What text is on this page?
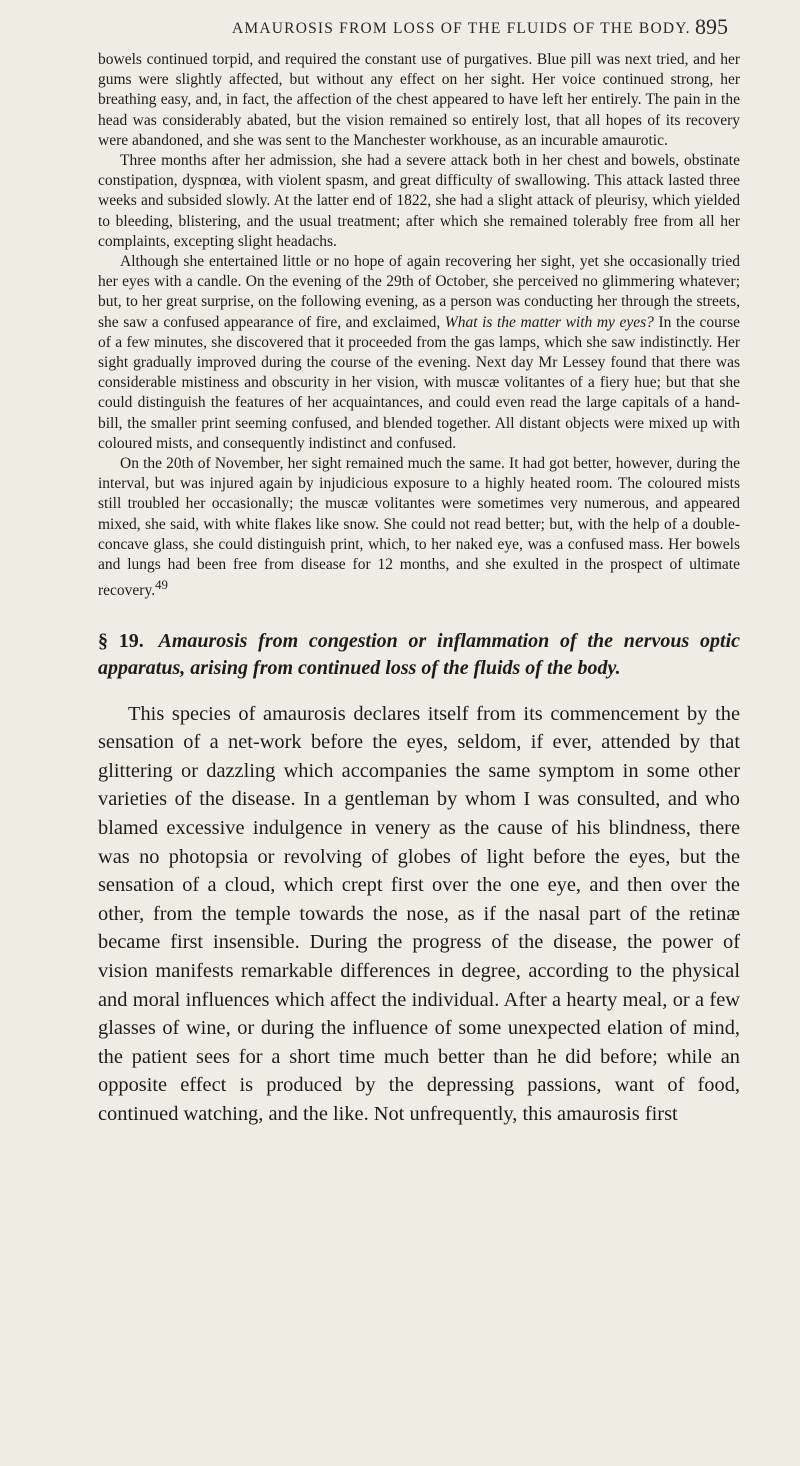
AMAUROSIS FROM LOSS OF THE FLUIDS OF THE BODY. 895

bowels continued torpid, and required the constant use of purgatives. Blue pill was next tried, and her gums were slightly affected, but without any effect on her sight. Her voice continued strong, her breathing easy, and, in fact, the affection of the chest appeared to have left her entirely. The pain in the head was considerably abated, but the vision remained so entirely lost, that all hopes of its recovery were abandoned, and she was sent to the Manchester workhouse, as an incurable amaurotic.

Three months after her admission, she had a severe attack both in her chest and bowels, obstinate constipation, dyspnœa, with violent spasm, and great difficulty of swallowing. This attack lasted three weeks and subsided slowly. At the latter end of 1822, she had a slight attack of pleurisy, which yielded to bleeding, blistering, and the usual treatment; after which she remained tolerably free from all her complaints, excepting slight headachs.

Although she entertained little or no hope of again recovering her sight, yet she occasionally tried her eyes with a candle. On the evening of the 29th of October, she perceived no glimmering whatever; but, to her great surprise, on the following evening, as a person was conducting her through the streets, she saw a confused appearance of fire, and exclaimed, What is the matter with my eyes? In the course of a few minutes, she discovered that it proceeded from the gas lamps, which she saw indistinctly. Her sight gradually improved during the course of the evening. Next day Mr Lessey found that there was considerable mistiness and obscurity in her vision, with muscæ volitantes of a fiery hue; but that she could distinguish the features of her acquaintances, and could even read the large capitals of a hand-bill, the smaller print seeming confused, and blended together. All distant objects were mixed up with coloured mists, and consequently indistinct and confused.

On the 20th of November, her sight remained much the same. It had got better, however, during the interval, but was injured again by injudicious exposure to a highly heated room. The coloured mists still troubled her occasionally; the muscæ volitantes were sometimes very numerous, and appeared mixed, she said, with white flakes like snow. She could not read better; but, with the help of a double-concave glass, she could distinguish print, which, to her naked eye, was a confused mass. Her bowels and lungs had been free from disease for 12 months, and she exulted in the prospect of ultimate recovery.$^{49}$

§ 19. Amaurosis from congestion or inflammation of the nervous optic apparatus, arising from continued loss of the fluids of the body.

This species of amaurosis declares itself from its commencement by the sensation of a net-work before the eyes, seldom, if ever, attended by that glittering or dazzling which accompanies the same symptom in some other varieties of the disease. In a gentleman by whom I was consulted, and who blamed excessive indulgence in venery as the cause of his blindness, there was no photopsia or revolving of globes of light before the eyes, but the sensation of a cloud, which crept first over the one eye, and then over the other, from the temple towards the nose, as if the nasal part of the retinæ became first insensible. During the progress of the disease, the power of vision manifests remarkable differences in degree, according to the physical and moral influences which affect the individual. After a hearty meal, or a few glasses of wine, or during the influence of some unexpected elation of mind, the patient sees for a short time much better than he did before; while an opposite effect is produced by the depressing passions, want of food, continued watching, and the like. Not unfrequently, this amaurosis first
